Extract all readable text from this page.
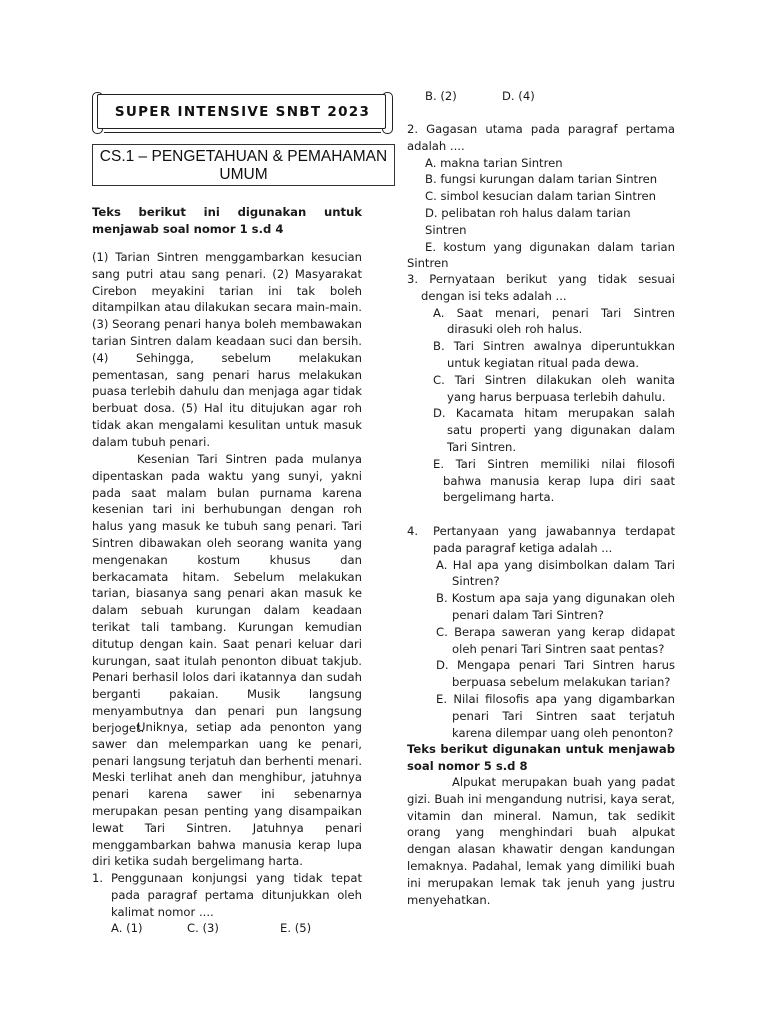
SUPER INTENSIVE SNBT 2023
CS.1 – PENGETAHUAN & PEMAHAMAN
UMUM
Teks berikut ini digunakan untuk menjawab soal nomor 1 s.d 4
(1) Tarian Sintren menggambarkan kesucian sang putri atau sang penari. (2) Masyarakat Cirebon meyakini tarian ini tak boleh ditampilkan atau dilakukan secara main-main. (3) Seorang penari hanya boleh membawakan tarian Sintren dalam keadaan suci dan bersih. (4) Sehingga, sebelum melakukan pementasan, sang penari harus melakukan puasa terlebih dahulu dan menjaga agar tidak berbuat dosa. (5) Hal itu ditujukan agar roh tidak akan mengalami kesulitan untuk masuk dalam tubuh penari.
Kesenian Tari Sintren pada mulanya dipentaskan pada waktu yang sunyi, yakni pada saat malam bulan purnama karena kesenian tari ini berhubungan dengan roh halus yang masuk ke tubuh sang penari. Tari Sintren dibawakan oleh seorang wanita yang mengenakan kostum khusus dan berkacamata hitam. Sebelum melakukan tarian, biasanya sang penari akan masuk ke dalam sebuah kurungan dalam keadaan terikat tali tambang. Kurungan kemudian ditutup dengan kain. Saat penari keluar dari kurungan, saat itulah penonton dibuat takjub. Penari berhasil lolos dari ikatannya dan sudah berganti pakaian. Musik langsung menyambutnya dan penari pun langsung berjoget.
Uniknya, setiap ada penonton yang sawer dan melemparkan uang ke penari, penari langsung terjatuh dan berhenti menari. Meski terlihat aneh dan menghibur, jatuhnya penari karena sawer ini sebenarnya merupakan pesan penting yang disampaikan lewat Tari Sintren. Jatuhnya penari menggambarkan bahwa manusia kerap lupa diri ketika sudah bergelimang harta.
1. Penggunaan konjungsi yang tidak tepat pada paragraf pertama ditunjukkan oleh kalimat nomor ....
A. (1)	C. (3)	E. (5)
B. (2)	D. (4)
2. Gagasan utama pada paragraf pertama adalah ....
A. makna tarian Sintren
B. fungsi kurungan dalam tarian Sintren
C. simbol kesucian dalam tarian Sintren
D. pelibatan roh halus dalam tarian Sintren
E. kostum yang digunakan dalam tarian Sintren
3. Pernyataan berikut yang tidak sesuai dengan isi teks adalah ...
A. Saat menari, penari Tari Sintren dirasuki oleh roh halus.
B. Tari Sintren awalnya diperuntukkan untuk kegiatan ritual pada dewa.
C. Tari Sintren dilakukan oleh wanita yang harus berpuasa terlebih dahulu.
D. Kacamata hitam merupakan salah satu properti yang digunakan dalam Tari Sintren.
E. Tari Sintren memiliki nilai filosofi bahwa manusia kerap lupa diri saat bergelimang harta.
4.	Pertanyaan yang jawabannya terdapat pada paragraf ketiga adalah ...
A. Hal apa yang disimbolkan dalam Tari Sintren?
B. Kostum apa saja yang digunakan oleh penari dalam Tari Sintren?
C. Berapa saweran yang kerap didapat oleh penari Tari Sintren saat pentas?
D. Mengapa penari Tari Sintren harus berpuasa sebelum melakukan tarian?
E. Nilai filosofis apa yang digambarkan penari Tari Sintren saat terjatuh karena dilempar uang oleh penonton?
Teks berikut digunakan untuk menjawab soal nomor 5 s.d 8
Alpukat merupakan buah yang padat gizi. Buah ini mengandung nutrisi, kaya serat, vitamin dan mineral. Namun, tak sedikit orang yang menghindari buah alpukat dengan alasan khawatir dengan kandungan lemaknya. Padahal, lemak yang dimiliki buah ini merupakan lemak tak jenuh yang justru menyehatkan.
